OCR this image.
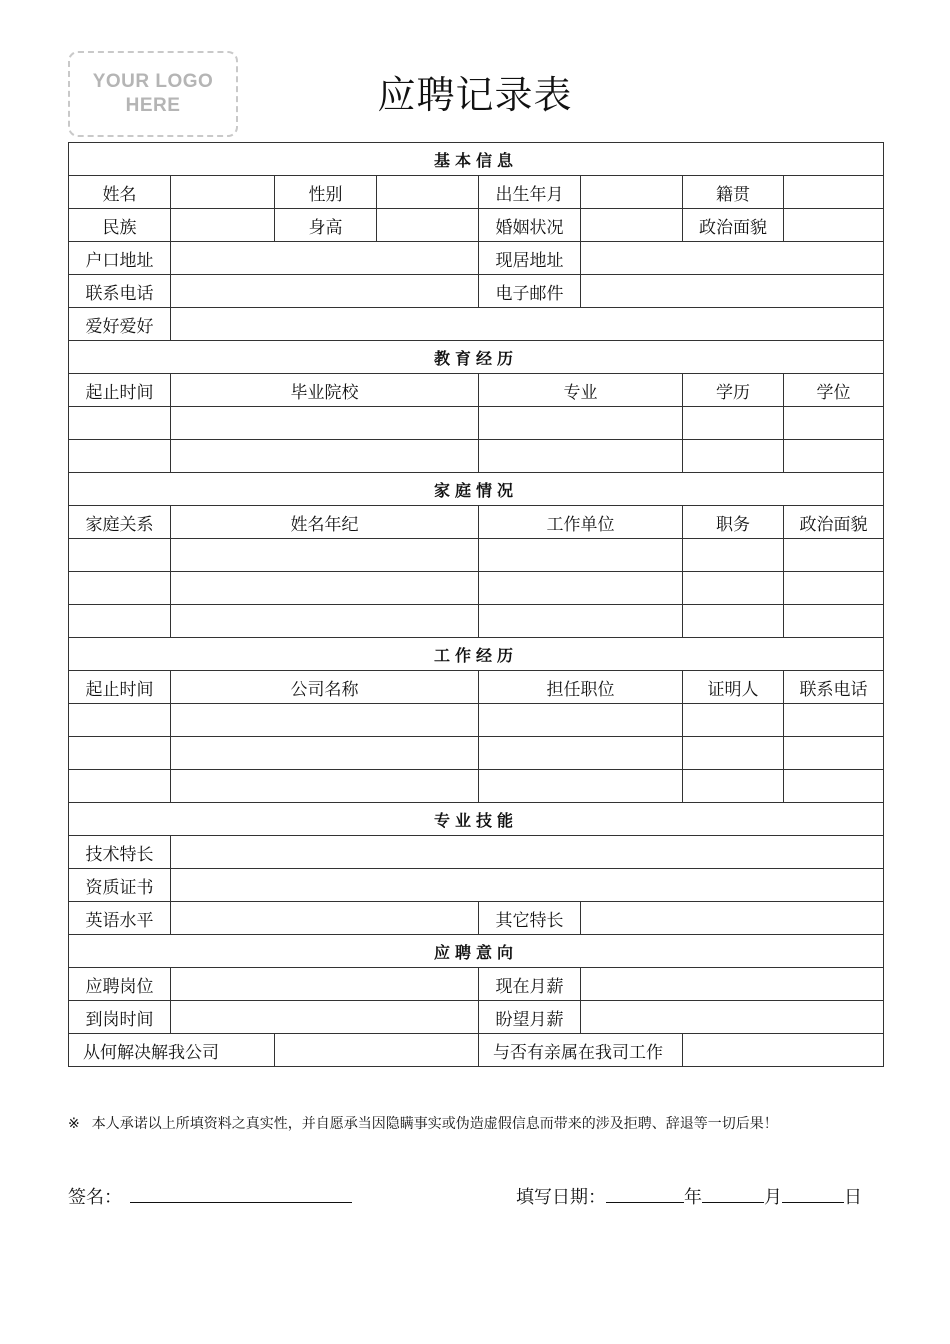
YOUR LOGO
HERE	应聘记录表
基本信息							
姓名		性别		出生年月		籍贯	
民族		身高		婚姻状况		政治面貌	
户口地址				现居地址			
联系电话				电子邮件			
爱好爱好							
教育经历							
起止时间	毕业院校			专业		学历	学位

家庭情况							
家庭关系	姓名年纪			工作单位		职务	政治面貌

工作经历							
起止时间	公司名称			担任职位		证明人	联系电话

专业技能							
技术特长							
资质证书							
英语水平				其它特长			
应聘意向							
应聘岗位				现在月薪			
到岗时间				盼望月薪			
从何解决解我公司				与否有亲属在我司工作			
※ 本人承诺以上所填资料之真实性，并自愿承当因隐瞒事实或伪造虚假信息而带来的涉及拒聘、辞退等一切后果！
签名：	填写日期：	年	月	日
